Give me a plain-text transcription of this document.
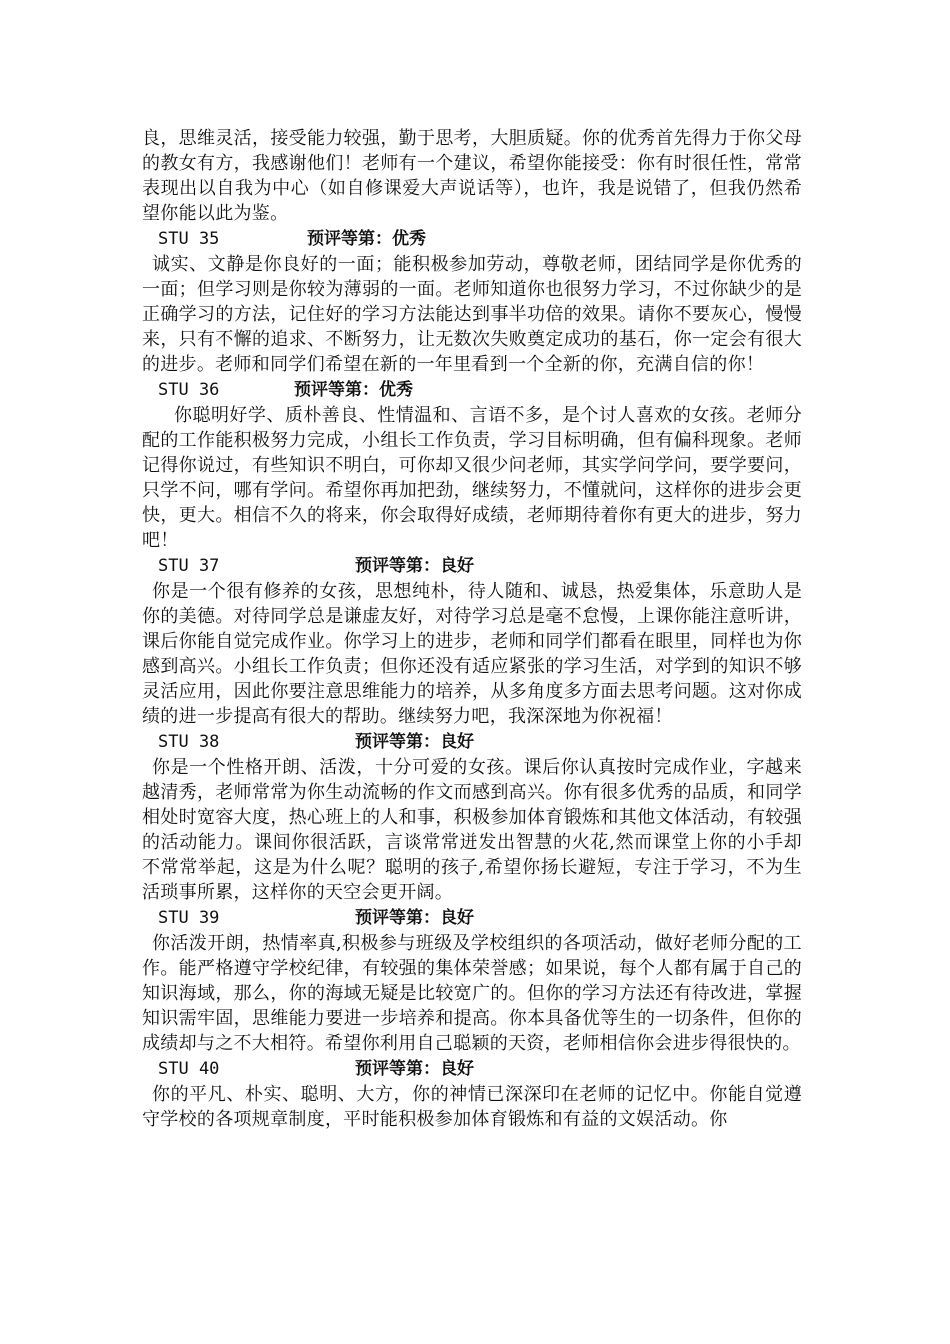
良，思维灵活，接受能力较强，勤于思考，大胆质疑。你的优秀首先得力于你父母的教女有方，我感谢他们！老师有一个建议，希望你能接受：你有时很任性，常常表现出以自我为中心（如自修课爱大声说话等），也许，我是说错了，但我仍然希望你能以此为鉴。

STU 35	预评等第：优秀

诚实、文静是你良好的一面；能积极参加劳动，尊敬老师，团结同学是你优秀的一面；但学习则是你较为薄弱的一面。老师知道你也很努力学习，不过你缺少的是正确学习的方法，记住好的学习方法能达到事半功倍的效果。请你不要灰心，慢慢来，只有不懈的追求、不断努力，让无数次失败奠定成功的基石，你一定会有很大的进步。老师和同学们希望在新的一年里看到一个全新的你，充满自信的你！

STU 36	预评等第：优秀

你聪明好学、质朴善良、性情温和、言语不多，是个讨人喜欢的女孩。老师分配的工作能积极努力完成，小组长工作负责，学习目标明确，但有偏科现象。老师记得你说过，有些知识不明白，可你却又很少问老师，其实学问学问，要学要问，只学不问，哪有学问。希望你再加把劲，继续努力，不懂就问，这样你的进步会更快，更大。相信不久的将来，你会取得好成绩，老师期待着你有更大的进步，努力吧！

STU 37	预评等第：良好

你是一个很有修养的女孩，思想纯朴，待人随和、诚恳，热爱集体，乐意助人是你的美德。对待同学总是谦虚友好，对待学习总是毫不怠慢，上课你能注意听讲，课后你能自觉完成作业。你学习上的进步，老师和同学们都看在眼里，同样也为你感到高兴。小组长工作负责；但你还没有适应紧张的学习生活，对学到的知识不够灵活应用，因此你要注意思维能力的培养，从多角度多方面去思考问题。这对你成绩的进一步提高有很大的帮助。继续努力吧，我深深地为你祝福！

STU 38	预评等第：良好

你是一个性格开朗、活泼，十分可爱的女孩。课后你认真按时完成作业，字越来越清秀，老师常常为你生动流畅的作文而感到高兴。你有很多优秀的品质，和同学相处时宽容大度，热心班上的人和事，积极参加体育锻炼和其他文体活动，有较强的活动能力。课间你很活跃，言谈常常迸发出智慧的火花,然而课堂上你的小手却不常常举起，这是为什么呢？聪明的孩子,希望你扬长避短，专注于学习，不为生活琐事所累，这样你的天空会更开阔。

STU 39	预评等第：良好

你活泼开朗，热情率真,积极参与班级及学校组织的各项活动，做好老师分配的工作。能严格遵守学校纪律，有较强的集体荣誉感；如果说，每个人都有属于自己的知识海域，那么，你的海域无疑是比较宽广的。但你的学习方法还有待改进，掌握知识需牢固，思维能力要进一步培养和提高。你本具备优等生的一切条件，但你的成绩却与之不大相符。希望你利用自己聪颖的天资，老师相信你会进步得很快的。

STU 40	预评等第：良好

你的平凡、朴实、聪明、大方，你的神情已深深印在老师的记忆中。你能自觉遵守学校的各项规章制度，平时能积极参加体育锻炼和有益的文娱活动。你
